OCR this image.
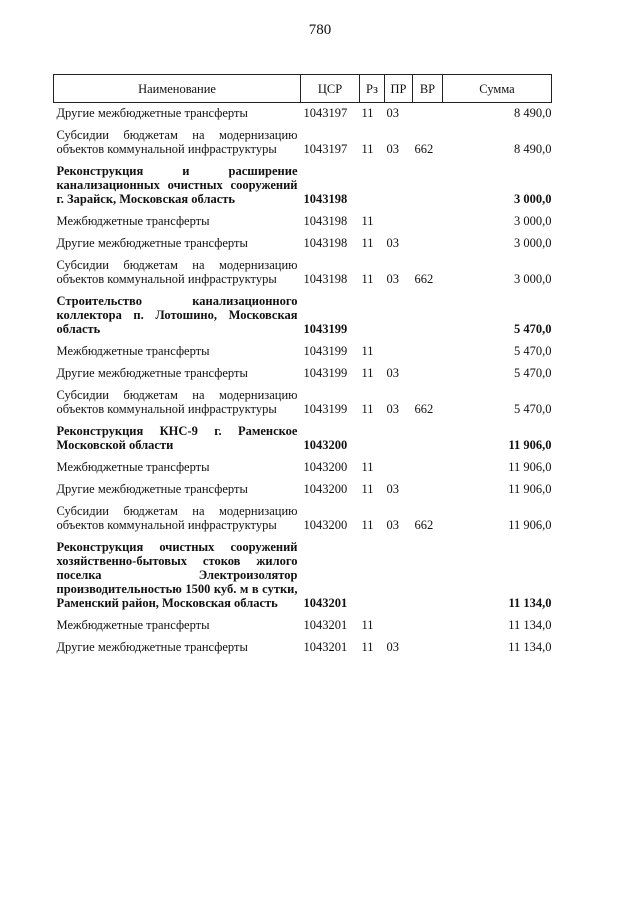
780
Наименование	ЦСР	Рз	ПР	ВР	Сумма
Другие межбюджетные трансферты	1043197	11	03		8 490,0
Субсидии бюджетам на модернизацию объектов коммунальной инфраструктуры	1043197	11	03	662	8 490,0
Реконструкция и расширение канализационных очистных сооружений г. Зарайск, Московская область	1043198				3 000,0
Межбюджетные трансферты	1043198	11			3 000,0
Другие межбюджетные трансферты	1043198	11	03		3 000,0
Субсидии бюджетам на модернизацию объектов коммунальной инфраструктуры	1043198	11	03	662	3 000,0
Строительство канализационного коллектора п. Лотошино, Московская область	1043199				5 470,0
Межбюджетные трансферты	1043199	11			5 470,0
Другие межбюджетные трансферты	1043199	11	03		5 470,0
Субсидии бюджетам на модернизацию объектов коммунальной инфраструктуры	1043199	11	03	662	5 470,0
Реконструкция КНС-9 г. Раменское Московской области	1043200				11 906,0
Межбюджетные трансферты	1043200	11			11 906,0
Другие межбюджетные трансферты	1043200	11	03		11 906,0
Субсидии бюджетам на модернизацию объектов коммунальной инфраструктуры	1043200	11	03	662	11 906,0
Реконструкция очистных сооружений хозяйственно-бытовых стоков жилого поселка Электроизолятор производительностью 1500 куб. м в сутки, Раменский район, Московская область	1043201				11 134,0
Межбюджетные трансферты	1043201	11			11 134,0
Другие межбюджетные трансферты	1043201	11	03		11 134,0
